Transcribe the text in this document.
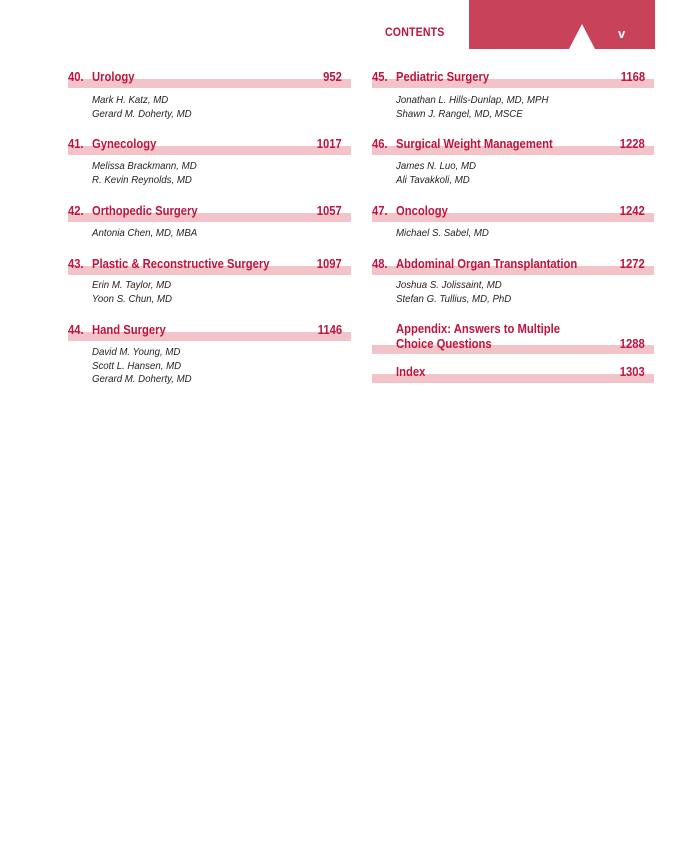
CONTENTS	v
40. Urology	952
Mark H. Katz, MD
Gerard M. Doherty, MD
41. Gynecology	1017
Melissa Brackmann, MD
R. Kevin Reynolds, MD
42. Orthopedic Surgery	1057
Antonia Chen, MD, MBA
43. Plastic & Reconstructive Surgery	1097
Erin M. Taylor, MD
Yoon S. Chun, MD
44. Hand Surgery	1146
David M. Young, MD
Scott L. Hansen, MD
Gerard M. Doherty, MD
45. Pediatric Surgery	1168
Jonathan L. Hills-Dunlap, MD, MPH
Shawn J. Rangel, MD, MSCE
46. Surgical Weight Management	1228
James N. Luo, MD
Ali Tavakkoli, MD
47. Oncology	1242
Michael S. Sabel, MD
48. Abdominal Organ Transplantation	1272
Joshua S. Jolissaint, MD
Stefan G. Tullius, MD, PhD
Appendix: Answers to Multiple
Choice Questions	1288
Index	1303
